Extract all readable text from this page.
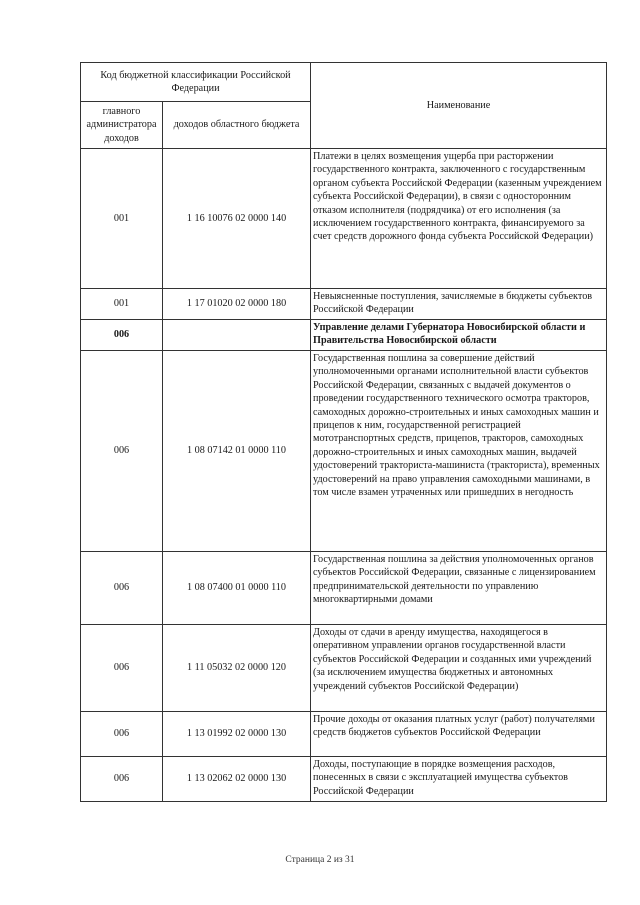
Код бюджетной классификации Российской Федерации		Наименование
главного администратора доходов	доходов областного бюджета	
001	1 16 10076 02 0000 140	Платежи в целях возмещения ущерба при расторжении государственного контракта, заключенного с государственным органом субъекта Российской Федерации (казенным учреждением субъекта Российской Федерации), в связи с односторонним отказом исполнителя (подрядчика) от его исполнения (за исключением государственного контракта, финансируемого за счет средств дорожного фонда субъекта Российской Федерации)
001	1 17 01020 02 0000 180	Невыясненные поступления, зачисляемые в бюджеты субъектов Российской Федерации
006		Управление делами Губернатора Новосибирской области и Правительства Новосибирской области
006	1 08 07142 01 0000 110	Государственная пошлина за совершение действий уполномоченными органами исполнительной власти субъектов Российской Федерации, связанных с выдачей документов о проведении государственного технического осмотра тракторов, самоходных дорожно-строительных и иных самоходных машин и прицепов к ним, государственной регистрацией мототранспортных средств, прицепов, тракторов, самоходных дорожно-строительных и иных самоходных машин, выдачей удостоверений тракториста-машиниста (тракториста), временных удостоверений на право управления самоходными машинами, в том числе взамен утраченных или пришедших в негодность
006	1 08 07400 01 0000 110	Государственная пошлина за действия уполномоченных органов субъектов Российской Федерации, связанные с лицензированием предпринимательской деятельности по управлению многоквартирными домами
006	1 11 05032 02 0000 120	Доходы от сдачи в аренду имущества, находящегося в оперативном управлении органов государственной власти субъектов Российской Федерации и созданных ими учреждений (за исключением имущества бюджетных и автономных учреждений субъектов Российской Федерации)
006	1 13 01992 02 0000 130	Прочие доходы от оказания платных услуг (работ) получателями средств бюджетов субъектов Российской Федерации
006	1 13 02062 02 0000 130	Доходы, поступающие в порядке возмещения расходов, понесенных в связи с эксплуатацией имущества субъектов Российской Федерации
Страница 2 из 31
